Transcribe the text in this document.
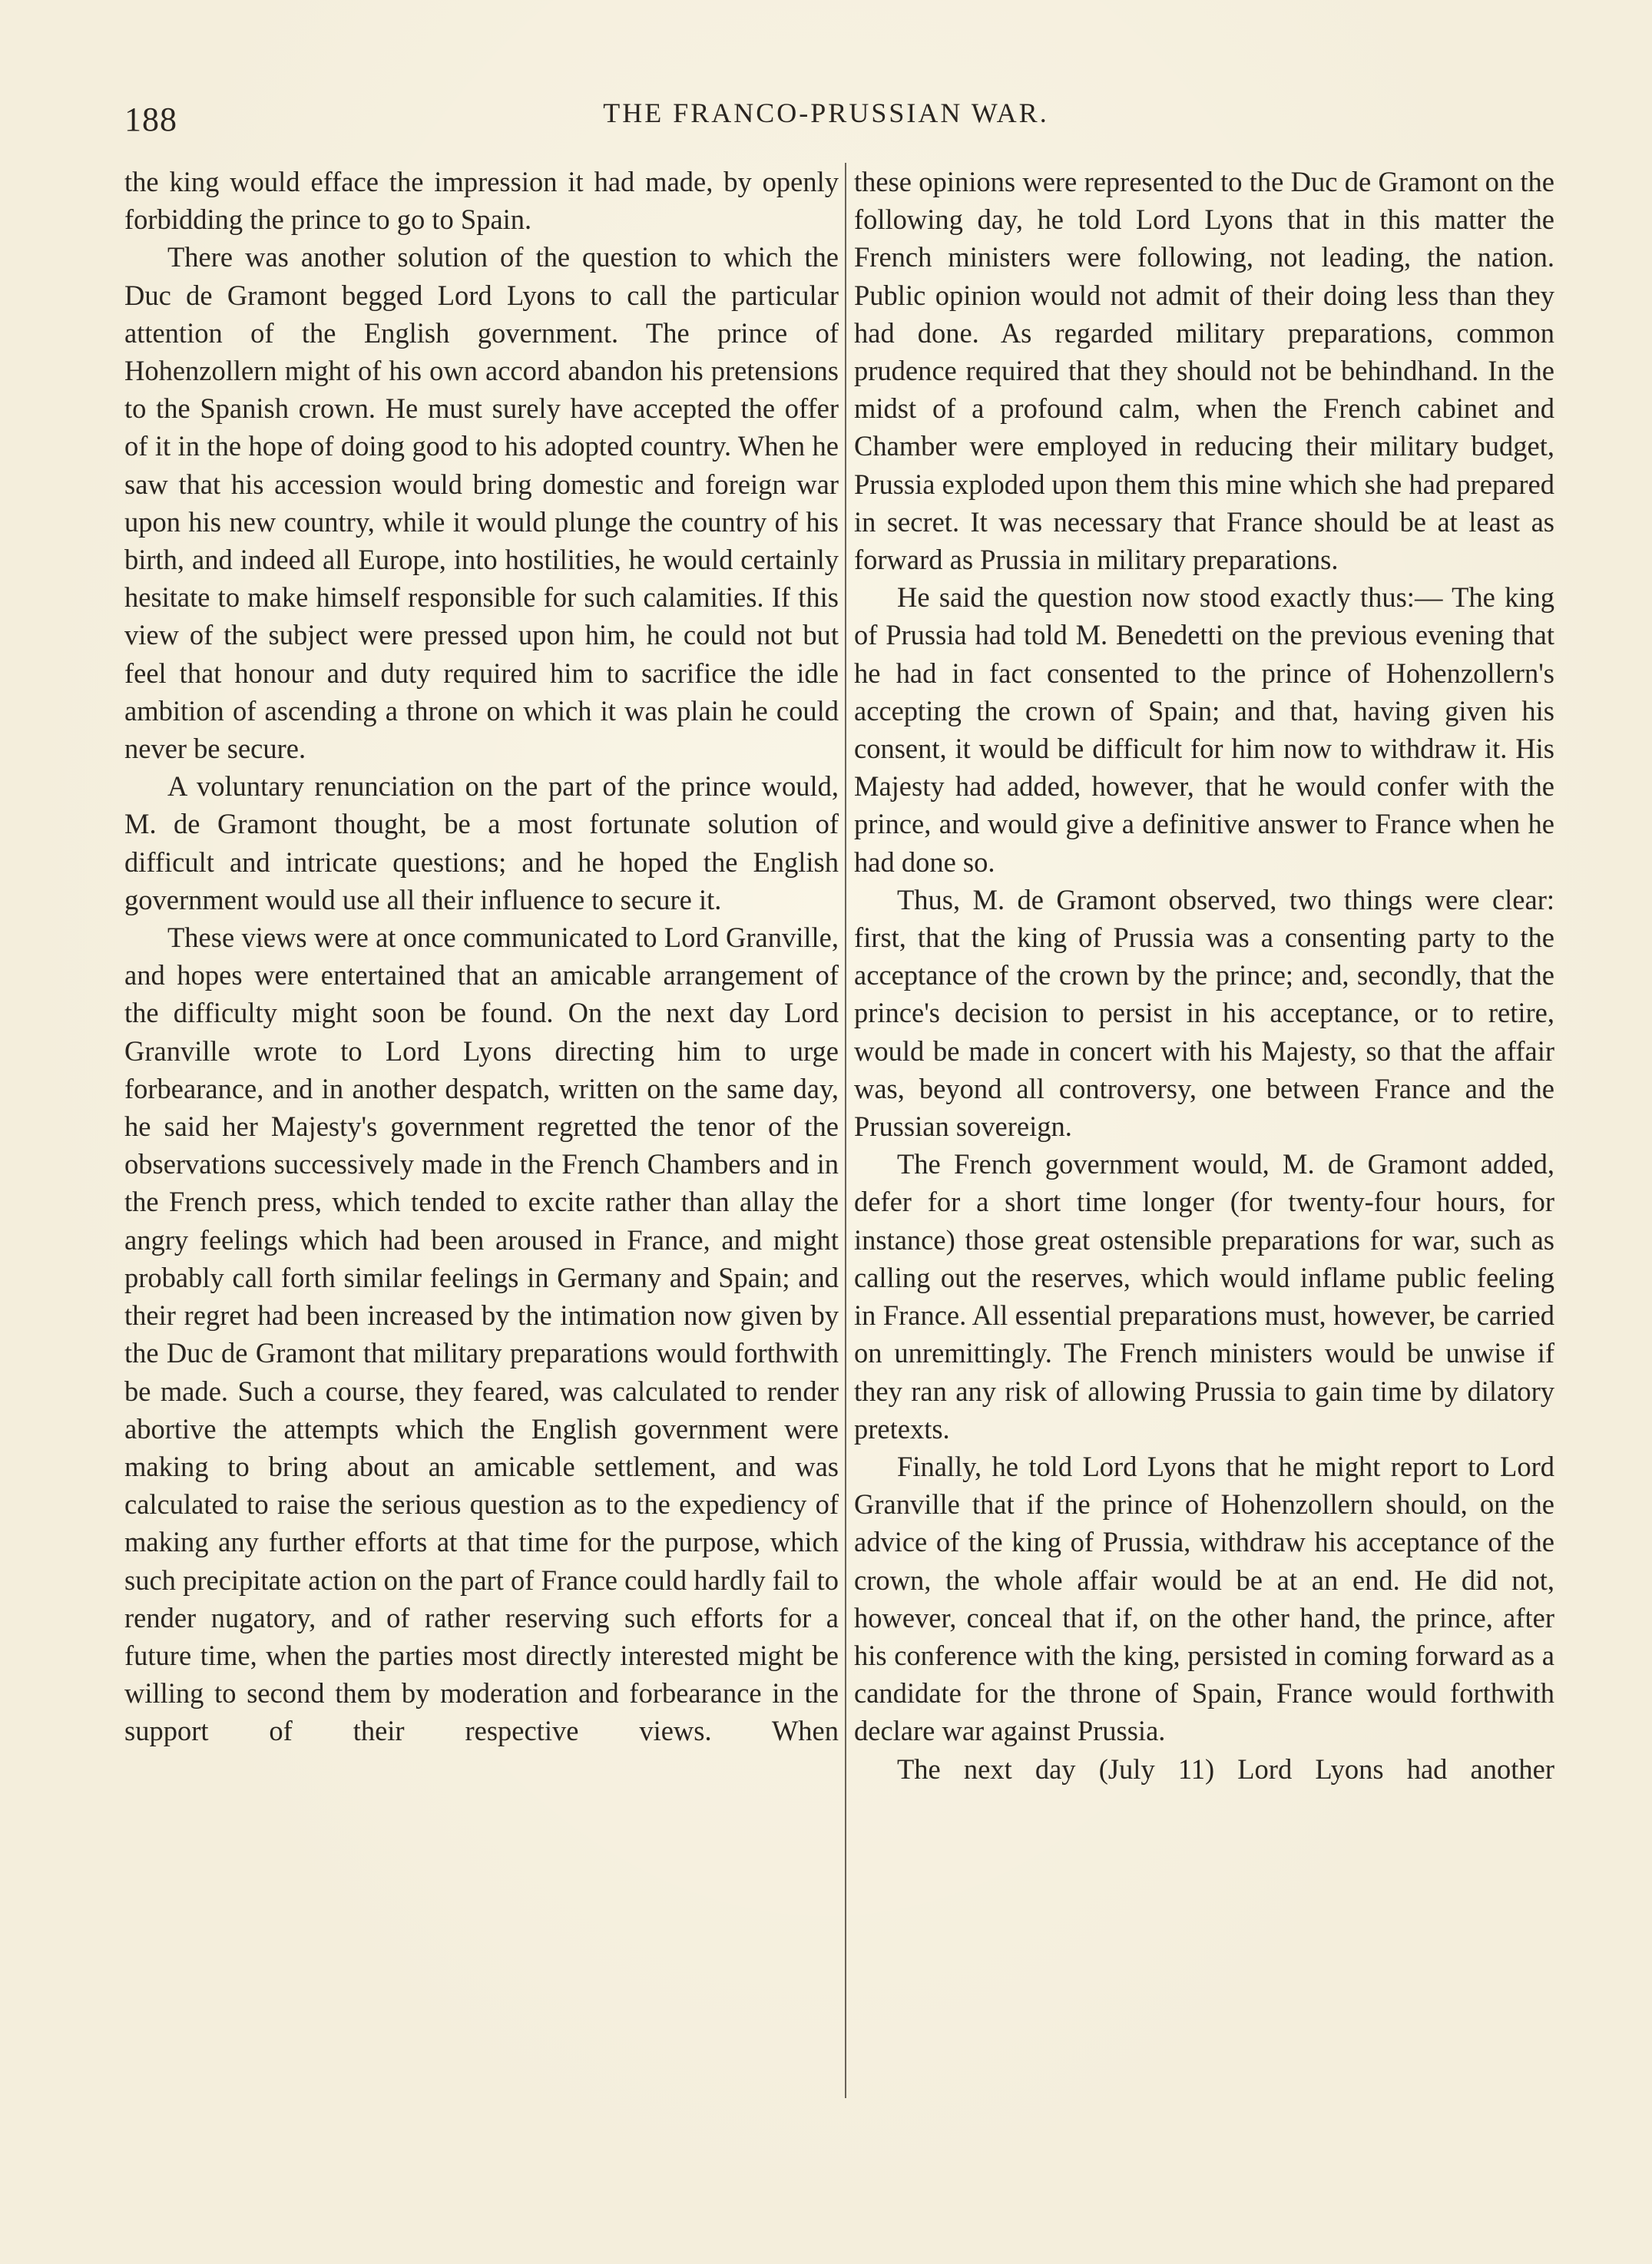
188	THE FRANCO-PRUSSIAN WAR.

the king would efface the impression it had made, by openly forbidding the prince to go to Spain.

There was another solution of the question to which the Duc de Gramont begged Lord Lyons to call the particular attention of the English government. The prince of Hohenzollern might of his own accord abandon his pretensions to the Spanish crown. He must surely have accepted the offer of it in the hope of doing good to his adopted country. When he saw that his accession would bring domestic and foreign war upon his new country, while it would plunge the country of his birth, and indeed all Europe, into hostilities, he would certainly hesitate to make himself responsible for such calamities. If this view of the subject were pressed upon him, he could not but feel that honour and duty required him to sacrifice the idle ambition of ascending a throne on which it was plain he could never be secure.

A voluntary renunciation on the part of the prince would, M. de Gramont thought, be a most fortunate solution of difficult and intricate questions; and he hoped the English government would use all their influence to secure it.

These views were at once communicated to Lord Granville, and hopes were entertained that an amicable arrangement of the difficulty might soon be found. On the next day Lord Granville wrote to Lord Lyons directing him to urge forbearance, and in another despatch, written on the same day, he said her Majesty's government regretted the tenor of the observations successively made in the French Chambers and in the French press, which tended to excite rather than allay the angry feelings which had been aroused in France, and might probably call forth similar feelings in Germany and Spain; and their regret had been increased by the intimation now given by the Duc de Gramont that military preparations would forthwith be made. Such a course, they feared, was calculated to render abortive the attempts which the English government were making to bring about an amicable settlement, and was calculated to raise the serious question as to the expediency of making any further efforts at that time for the purpose, which such precipitate action on the part of France could hardly fail to render nugatory, and of rather reserving such efforts for a future time, when the parties most directly interested might be willing to second them by moderation and forbearance in the support of their respective views. When

these opinions were represented to the Duc de Gramont on the following day, he told Lord Lyons that in this matter the French ministers were following, not leading, the nation. Public opinion would not admit of their doing less than they had done. As regarded military preparations, common prudence required that they should not be behindhand. In the midst of a profound calm, when the French cabinet and Chamber were employed in reducing their military budget, Prussia exploded upon them this mine which she had prepared in secret. It was necessary that France should be at least as forward as Prussia in military preparations.

He said the question now stood exactly thus:— The king of Prussia had told M. Benedetti on the previous evening that he had in fact consented to the prince of Hohenzollern's accepting the crown of Spain; and that, having given his consent, it would be difficult for him now to withdraw it. His Majesty had added, however, that he would confer with the prince, and would give a definitive answer to France when he had done so.

Thus, M. de Gramont observed, two things were clear: first, that the king of Prussia was a consenting party to the acceptance of the crown by the prince; and, secondly, that the prince's decision to persist in his acceptance, or to retire, would be made in concert with his Majesty, so that the affair was, beyond all controversy, one between France and the Prussian sovereign.

The French government would, M. de Gramont added, defer for a short time longer (for twenty-four hours, for instance) those great ostensible preparations for war, such as calling out the reserves, which would inflame public feeling in France. All essential preparations must, however, be carried on unremittingly. The French ministers would be unwise if they ran any risk of allowing Prussia to gain time by dilatory pretexts.

Finally, he told Lord Lyons that he might report to Lord Granville that if the prince of Hohenzollern should, on the advice of the king of Prussia, withdraw his acceptance of the crown, the whole affair would be at an end. He did not, however, conceal that if, on the other hand, the prince, after his conference with the king, persisted in coming forward as a candidate for the throne of Spain, France would forthwith declare war against Prussia.

The next day (July 11) Lord Lyons had another
